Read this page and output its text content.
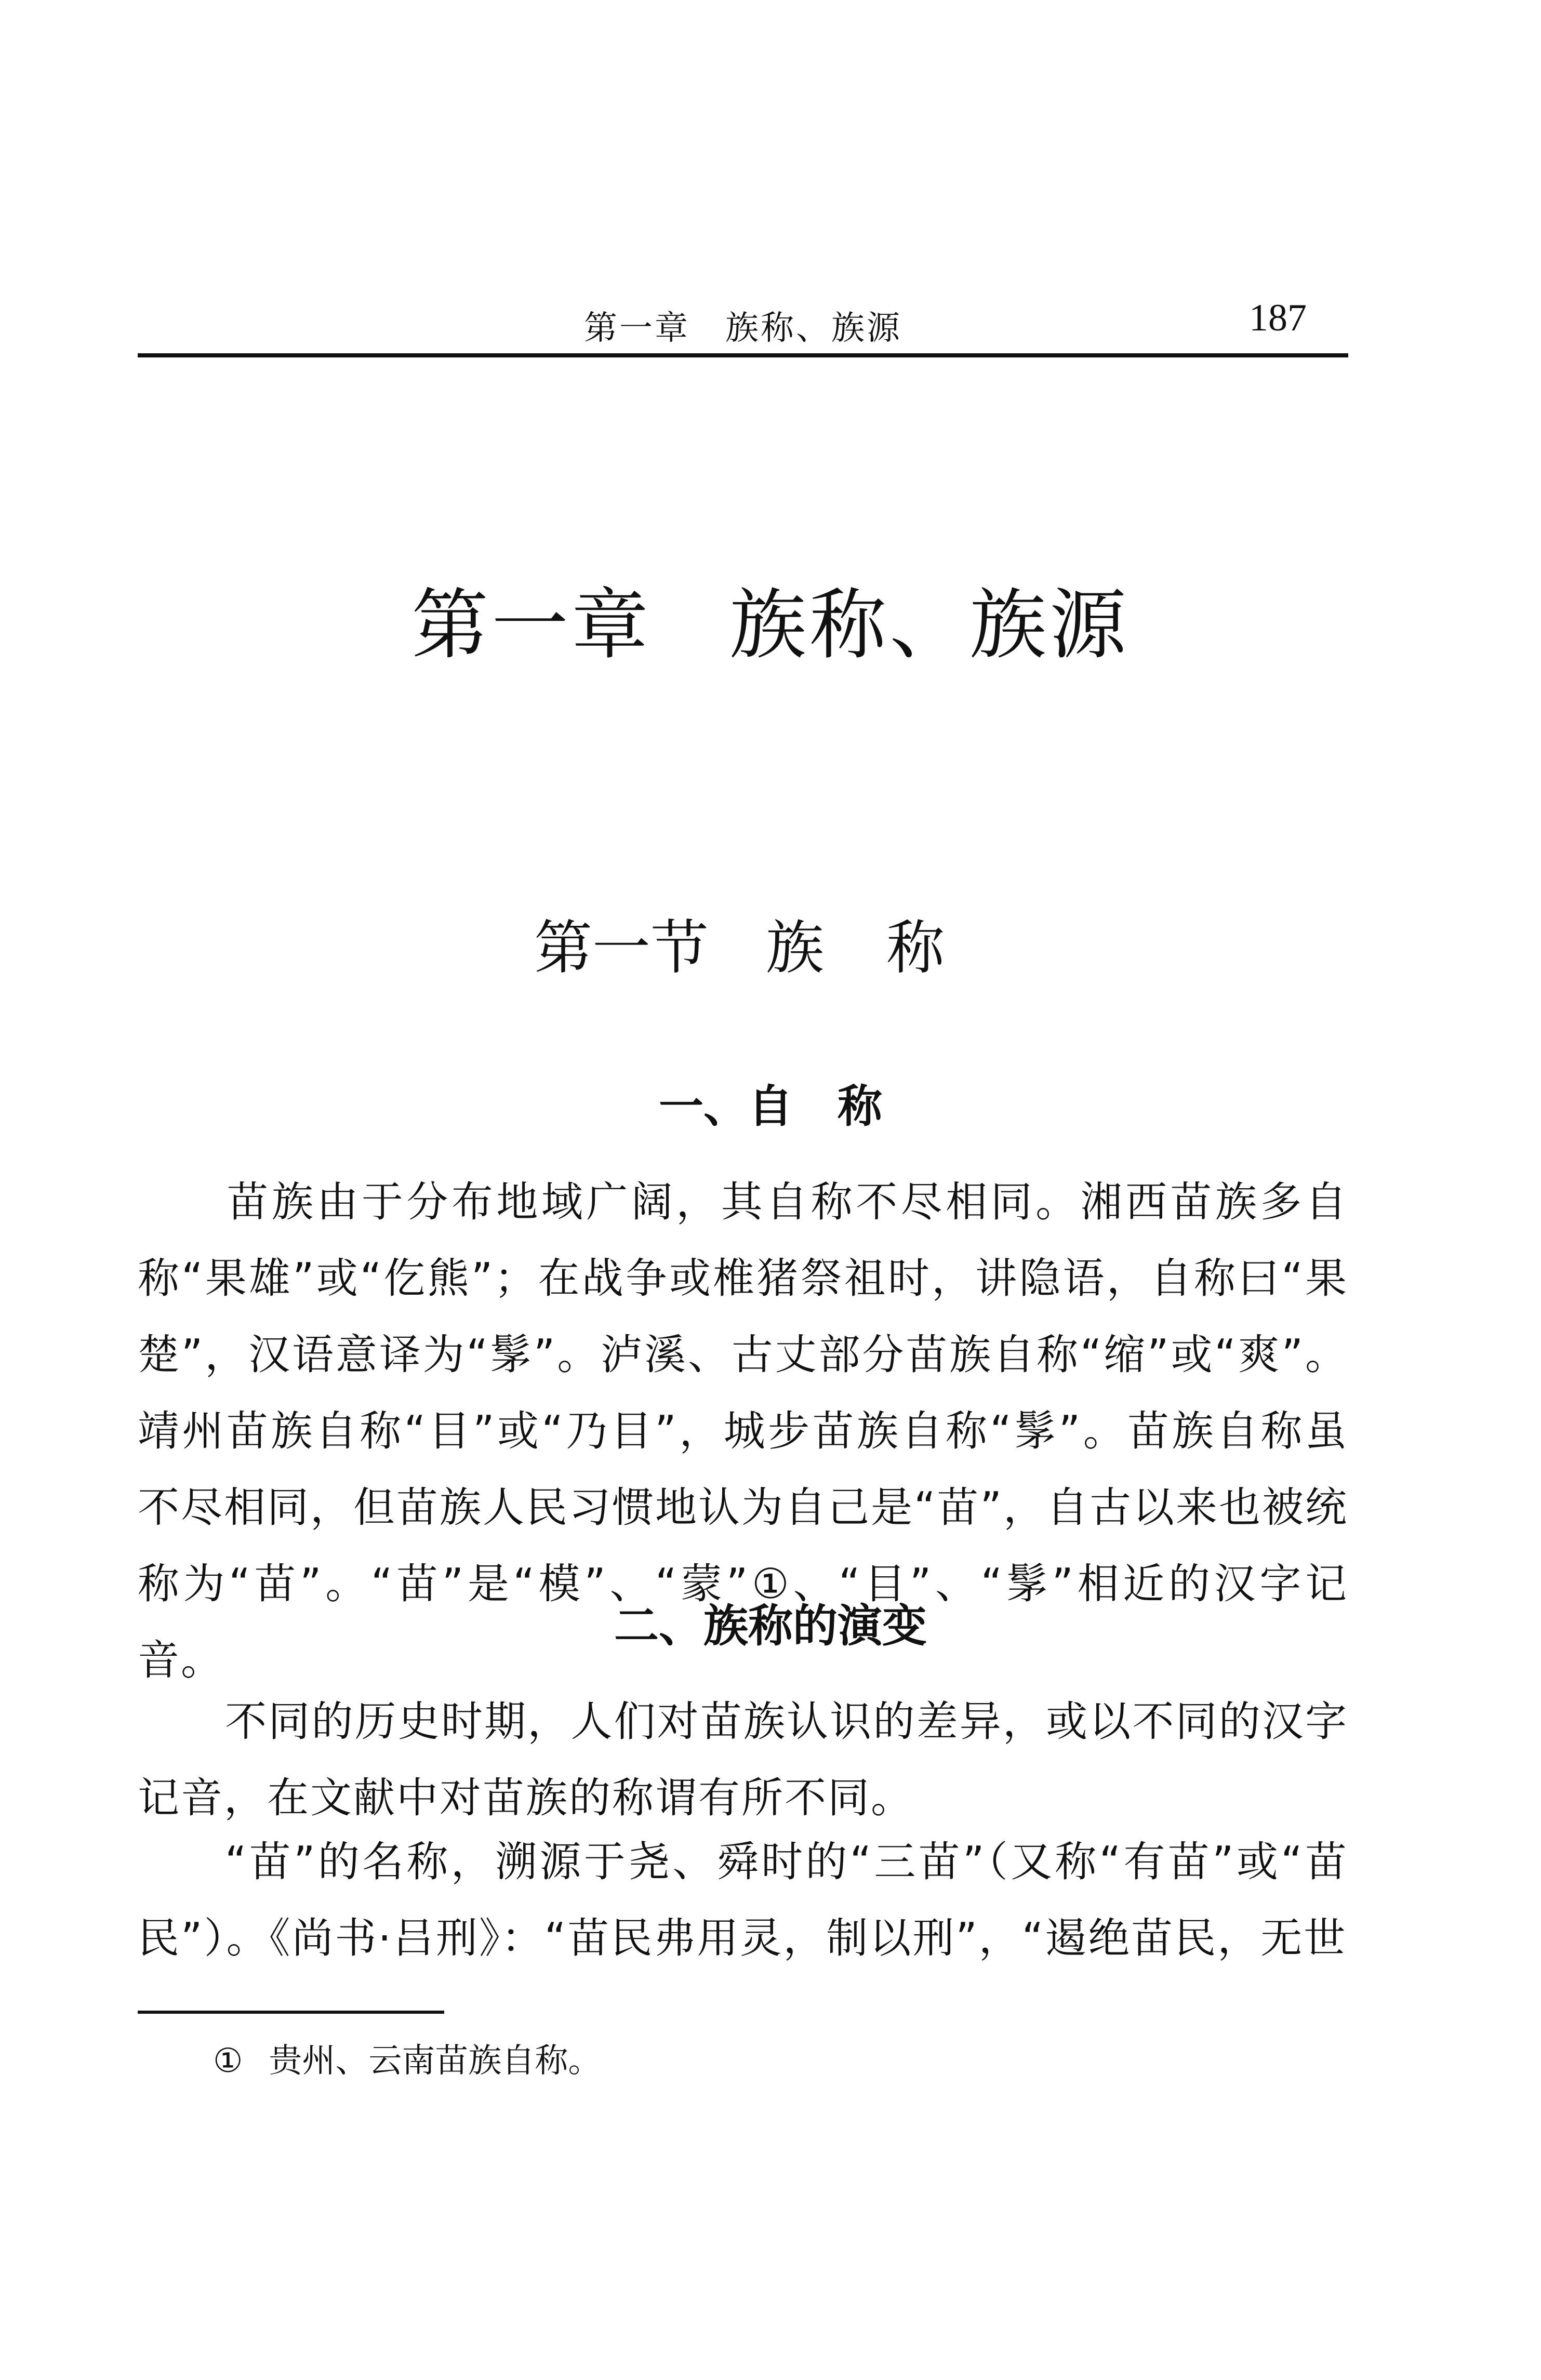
第一章　族称、族源	187
第一章 族称、族源
第一节 族称
一、自　称

苗族由于分布地域广阔，其自称不尽相同。湘西苗族多自称“果雄”或“仡熊”；在战争或椎猪祭祖时，讲隐语，自称曰“果楚”，汉语意译为“髳”。泸溪、古丈部分苗族自称“缩”或“爽”。靖州苗族自称“目”或“乃目”，城步苗族自称“髳”。苗族自称虽不尽相同，但苗族人民习惯地认为自己是“苗”，自古以来也被统称为“苗”。“苗”是“模”、“蒙”①、“目”、“髳”相近的汉字记音。

二、族称的演变

不同的历史时期，人们对苗族认识的差异，或以不同的汉字记音，在文献中对苗族的称谓有所不同。

“苗”的名称，溯源于尧、舜时的“三苗”（又称“有苗”或“苗民”）。《尚书·吕刑》：“苗民弗用灵，制以刑”，“遏绝苗民，无世

① 贵州、云南苗族自称。
